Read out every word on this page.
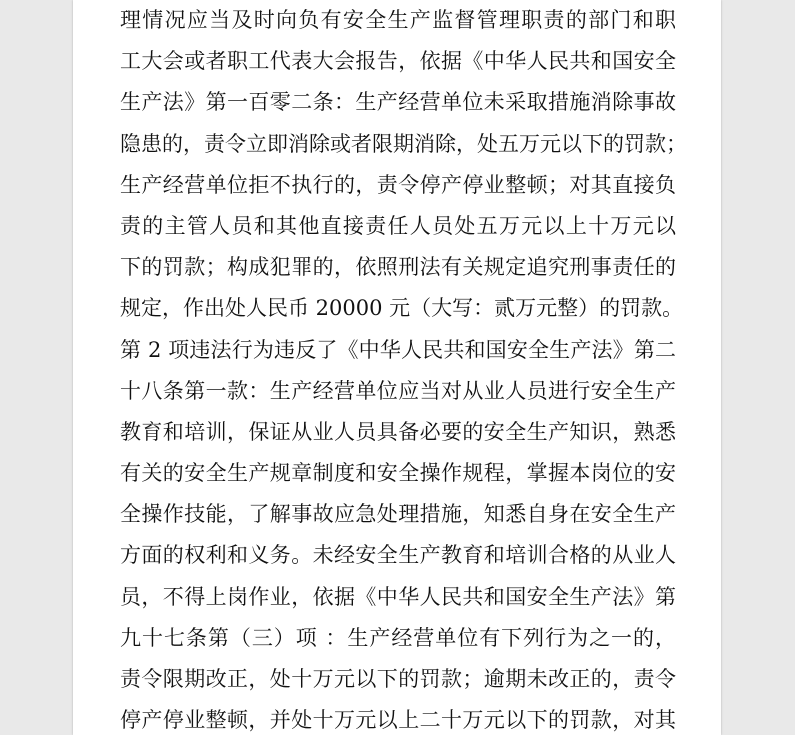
理情况应当及时向负有安全生产监督管理职责的部门和职
工大会或者职工代表大会报告，依据《中华人民共和国安全
生产法》第一百零二条：生产经营单位未采取措施消除事故
隐患的，责令立即消除或者限期消除，处五万元以下的罚款；
生产经营单位拒不执行的，责令停产停业整顿；对其直接负
责的主管人员和其他直接责任人员处五万元以上十万元以
下的罚款；构成犯罪的，依照刑法有关规定追究刑事责任的
规定，作出处人民币 20000 元（大写：贰万元整）的罚款。
第 2 项违法行为违反了《中华人民共和国安全生产法》第二
十八条第一款：生产经营单位应当对从业人员进行安全生产
教育和培训，保证从业人员具备必要的安全生产知识，熟悉
有关的安全生产规章制度和安全操作规程，掌握本岗位的安
全操作技能，了解事故应急处理措施，知悉自身在安全生产
方面的权利和义务。未经安全生产教育和培训合格的从业人
员，不得上岗作业，依据《中华人民共和国安全生产法》第
九十七条第（三）项 ：生产经营单位有下列行为之一的，
责令限期改正，处十万元以下的罚款；逾期未改正的，责令
停产停业整顿，并处十万元以上二十万元以下的罚款，对其
